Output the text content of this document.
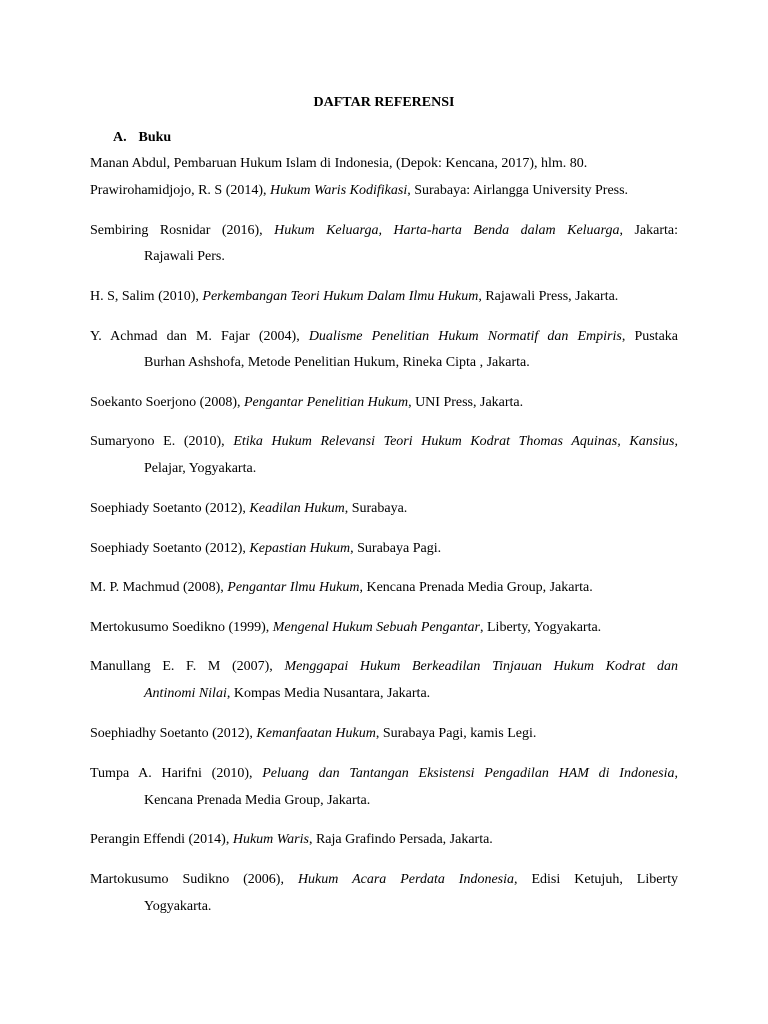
DAFTAR REFERENSI
A. Buku
Manan Abdul, Pembaruan Hukum Islam di Indonesia, (Depok: Kencana, 2017), hlm. 80.
Prawirohamidjojo, R. S (2014), Hukum Waris Kodifikasi, Surabaya: Airlangga University Press.
Sembiring Rosnidar (2016), Hukum Keluarga, Harta-harta Benda dalam Keluarga, Jakarta:
Rajawali Pers.
H. S, Salim (2010), Perkembangan Teori Hukum Dalam Ilmu Hukum, Rajawali Press, Jakarta.
Y. Achmad dan M. Fajar (2004), Dualisme Penelitian Hukum Normatif dan Empiris, Pustaka
Burhan Ashshofa, Metode Penelitian Hukum, Rineka Cipta , Jakarta.
Soekanto Soerjono (2008), Pengantar Penelitian Hukum, UNI Press, Jakarta.
Sumaryono E. (2010), Etika Hukum Relevansi Teori Hukum Kodrat Thomas Aquinas, Kansius,
Pelajar, Yogyakarta.
Soephiady Soetanto (2012), Keadilan Hukum, Surabaya.
Soephiady Soetanto (2012), Kepastian Hukum, Surabaya Pagi.
M. P. Machmud (2008), Pengantar Ilmu Hukum, Kencana Prenada Media Group, Jakarta.
Mertokusumo Soedikno (1999), Mengenal Hukum Sebuah Pengantar, Liberty, Yogyakarta.
Manullang E. F. M (2007), Menggapai Hukum Berkeadilan Tinjauan Hukum Kodrat dan
Antinomi Nilai, Kompas Media Nusantara, Jakarta.
Soephiadhy Soetanto (2012), Kemanfaatan Hukum, Surabaya Pagi, kamis Legi.
Tumpa A. Harifni (2010), Peluang dan Tantangan Eksistensi Pengadilan HAM di Indonesia,
Kencana Prenada Media Group, Jakarta.
Perangin Effendi (2014), Hukum Waris, Raja Grafindo Persada, Jakarta.
Martokusumo Sudikno (2006), Hukum Acara Perdata Indonesia, Edisi Ketujuh, Liberty
Yogyakarta.
